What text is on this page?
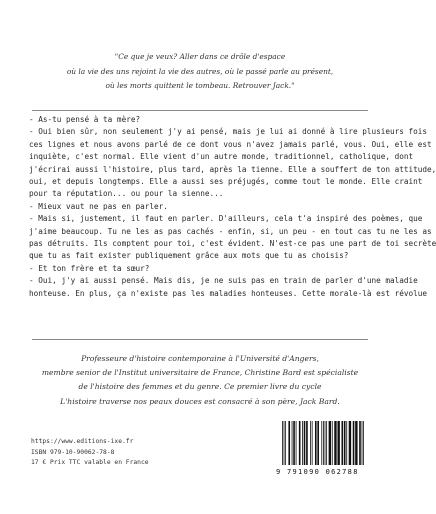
"Ce que je veux? Aller dans ce drôle d'espace
où la vie des uns rejoint la vie des autres, où le passé parle au présent,
où les morts quittent le tombeau. Retrouver Jack."
- As-tu pensé à ta mère?
- Oui bien sûr, non seulement j'y ai pensé, mais je lui ai donné à lire plusieurs fois
ces lignes et nous avons parlé de ce dont vous n'avez jamais parlé, vous. Oui, elle est
inquiète, c'est normal. Elle vient d'un autre monde, traditionnel, catholique, dont
j'écrirai aussi l'histoire, plus tard, après la tienne. Elle a souffert de ton attitude,
oui, et depuis longtemps. Elle a aussi ses préjugés, comme tout le monde. Elle craint
pour ta réputation... ou pour la sienne...
- Mieux vaut ne pas en parler.
- Mais si, justement, il faut en parler. D'ailleurs, cela t'a inspiré des poèmes, que
j'aime beaucoup. Tu ne les as pas cachés - enfin, si, un peu - en tout cas tu ne les as
pas détruits. Ils comptent pour toi, c'est évident. N'est-ce pas une part de toi secrète
que tu as fait exister publiquement grâce aux mots que tu as choisis?
- Et ton frère et ta sœur?
- Oui, j'y ai aussi pensé. Mais dis, je ne suis pas en train de parler d'une maladie
honteuse. En plus, ça n'existe pas les maladies honteuses. Cette morale-là est révolue
Professeure d'histoire contemporaine à l'Université d'Angers,
membre senior de l'Institut universitaire de France, Christine Bard est spécialiste
de l'histoire des femmes et du genre. Ce premier livre du cycle
L'histoire traverse nos peaux douces est consacré à son père, Jack Bard.
https://www.editions-ixe.fr
ISBN 979-10-90062-78-8
17 € Prix TTC valable en France
9 791090 062788
